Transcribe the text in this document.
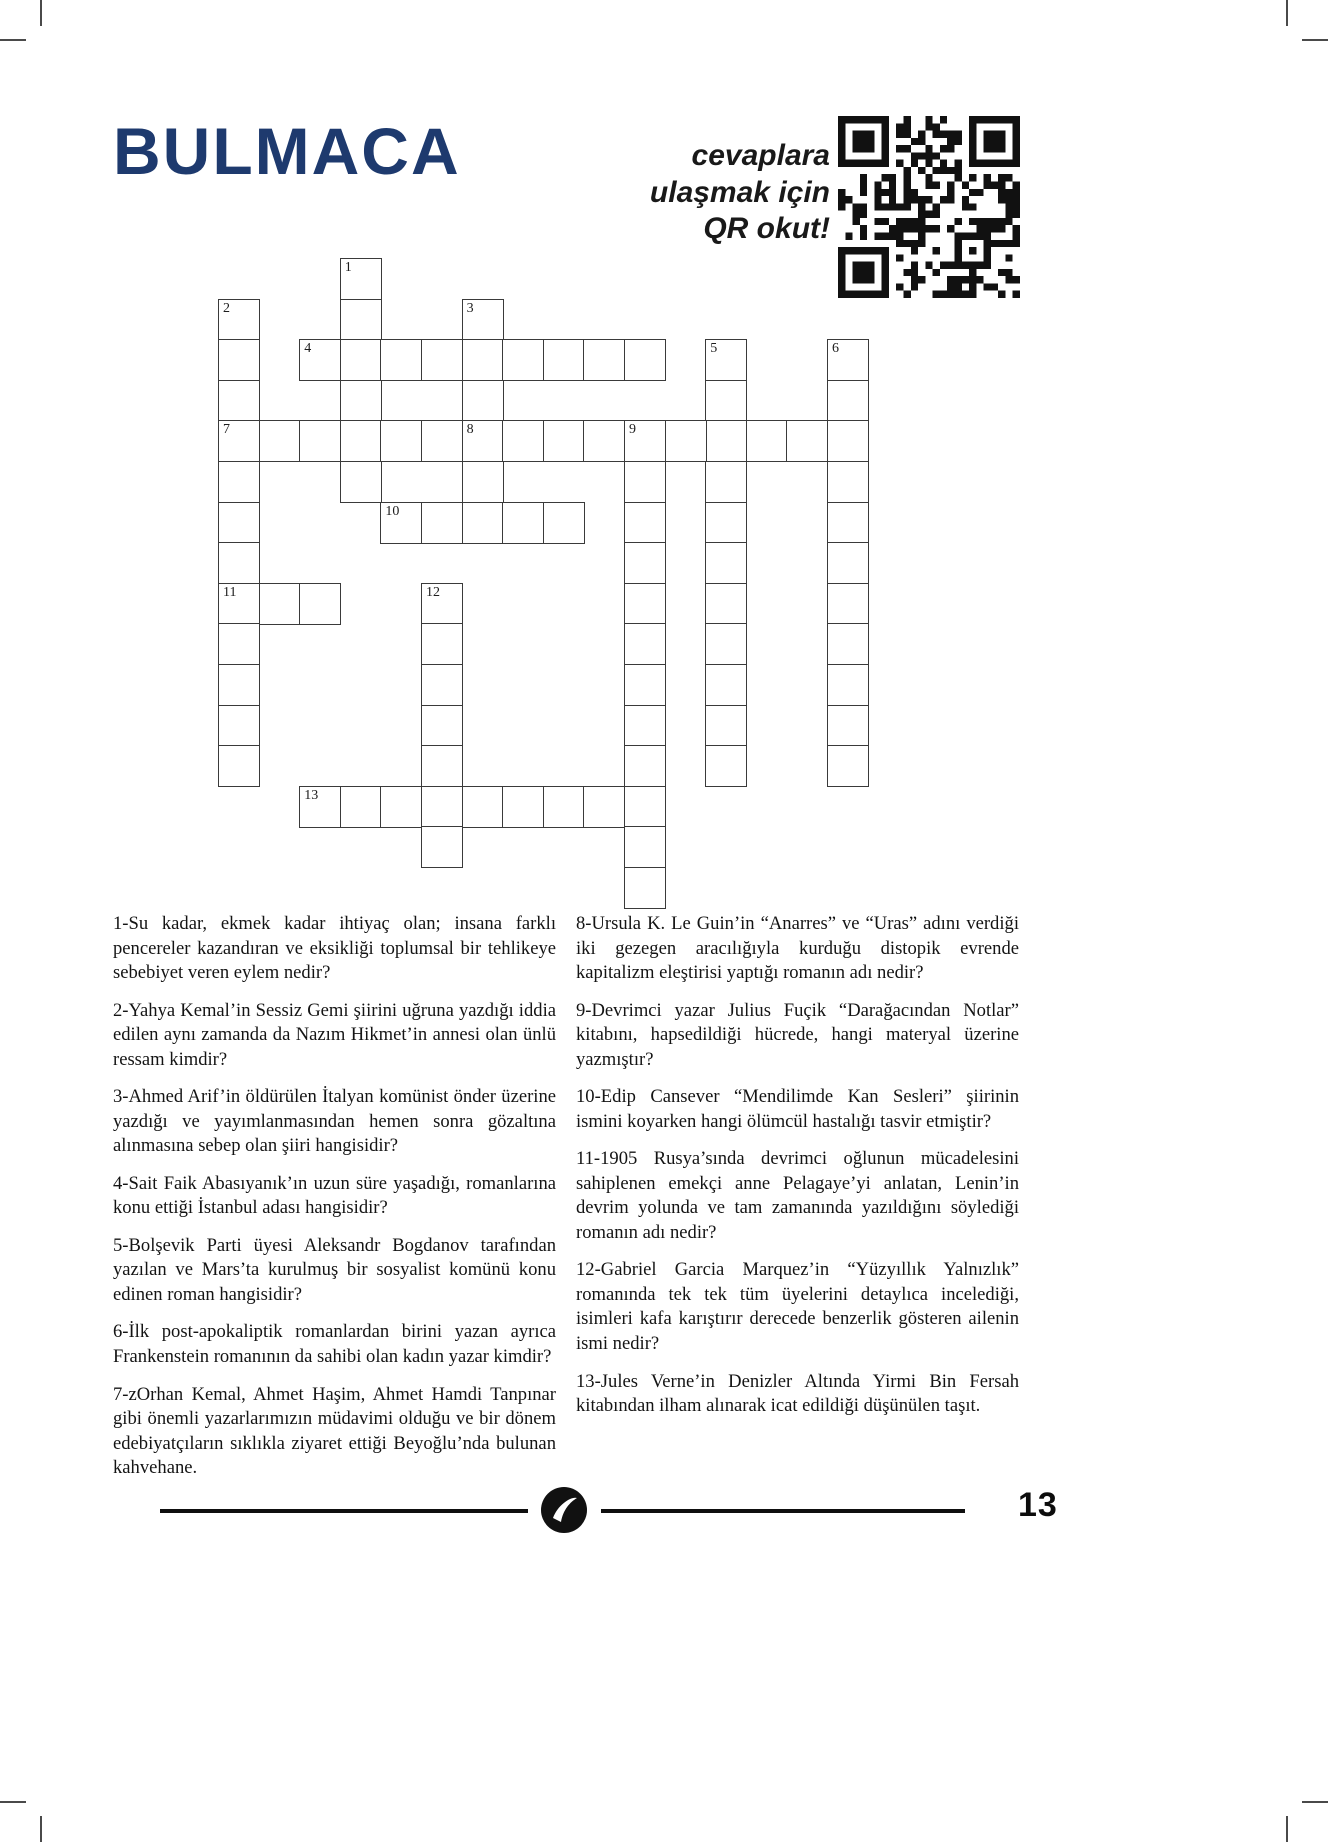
BULMACA	cevaplara
ulaşmak için
QR okut!
1
2
7
11
3
8
4	5	6
9
10
12
13

1-Su kadar, ekmek kadar ihtiyaç olan; insana farklı pencereler kazandıran ve eksikliği toplumsal bir tehlikeye sebebiyet veren eylem nedir?

2-Yahya Kemal’in Sessiz Gemi şiirini uğruna yazdığı iddia edilen aynı zamanda da Nazım Hikmet’in annesi olan ünlü ressam kimdir?

3-Ahmed Arif’in öldürülen İtalyan komünist önder üzerine yazdığı ve yayımlanmasından hemen sonra gözaltına alınmasına sebep olan şiiri hangisidir?

4-Sait Faik Abasıyanık’ın uzun süre yaşadığı, romanlarına konu ettiği İstanbul adası hangisidir?

5-Bolşevik Parti üyesi Aleksandr Bogdanov tarafından yazılan ve Mars’ta kurulmuş bir sosyalist komünü konu edinen roman hangisidir?

6-İlk post-apokaliptik romanlardan birini yazan ayrıca Frankenstein romanının da sahibi olan kadın yazar kimdir?

7-zOrhan Kemal, Ahmet Haşim, Ahmet Hamdi Tanpınar gibi önemli yazarlarımızın müdavimi olduğu ve bir dönem edebiyatçıların sıklıkla ziyaret ettiği Beyoğlu’nda bulunan kahvehane.

8-Ursula K. Le Guin’in “Anarres” ve “Uras” adını verdiği iki gezegen aracılığıyla kurduğu distopik evrende kapitalizm eleştirisi yaptığı romanın adı nedir?

9-Devrimci yazar Julius Fuçik “Darağacından Notlar” kitabını, hapsedildiği hücrede, hangi materyal üzerine yazmıştır?

10-Edip Cansever “Mendilimde Kan Sesleri” şiirinin ismini koyarken hangi ölümcül hastalığı tasvir etmiştir?

11-1905 Rusya’sında devrimci oğlunun mücadelesini sahiplenen emekçi anne Pelagaye’yi anlatan, Lenin’in devrim yolunda ve tam zamanında yazıldığını söylediği romanın adı nedir?

12-Gabriel Garcia Marquez’in “Yüzyıllık Yalnızlık” romanında tek tek tüm üyelerini detaylıca incelediği, isimleri kafa karıştırır derecede benzerlik gösteren ailenin ismi nedir?

13-Jules Verne’in Denizler Altında Yirmi Bin Fersah kitabından ilham alınarak icat edildiği düşünülen taşıt.

13
